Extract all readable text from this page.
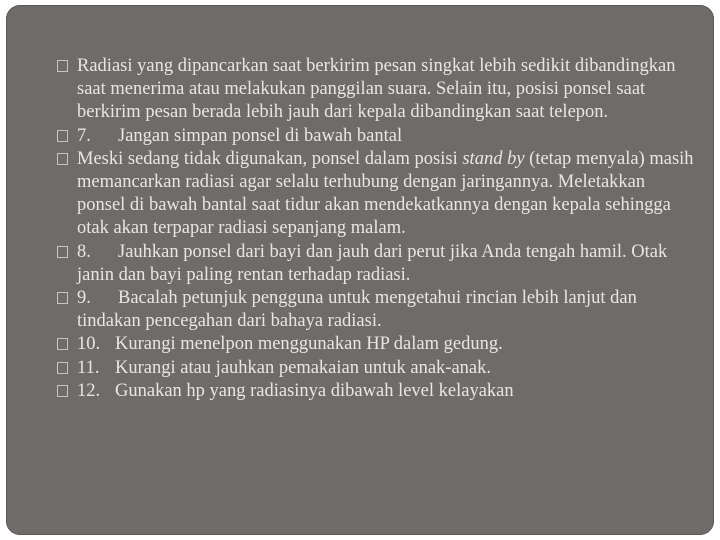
Radiasi yang dipancarkan saat berkirim pesan singkat lebih sedikit dibandingkan saat menerima atau melakukan panggilan suara. Selain itu, posisi ponsel saat berkirim pesan berada lebih jauh dari kepala dibandingkan saat telepon.

7. Jangan simpan ponsel di bawah bantal

Meski sedang tidak digunakan, ponsel dalam posisi stand by (tetap menyala) masih memancarkan radiasi agar selalu terhubung dengan jaringannya. Meletakkan ponsel di bawah bantal saat tidur akan mendekatkannya dengan kepala sehingga otak akan terpapar radiasi sepanjang malam.

8. Jauhkan ponsel dari bayi dan jauh dari perut jika Anda tengah hamil. Otak janin dan bayi paling rentan terhadap radiasi.

9. Bacalah petunjuk pengguna untuk mengetahui rincian lebih lanjut dan tindakan pencegahan dari bahaya radiasi.

10. Kurangi menelpon menggunakan HP dalam gedung.

11. Kurangi atau jauhkan pemakaian untuk anak-anak.

12. Gunakan hp yang radiasinya dibawah level kelayakan
